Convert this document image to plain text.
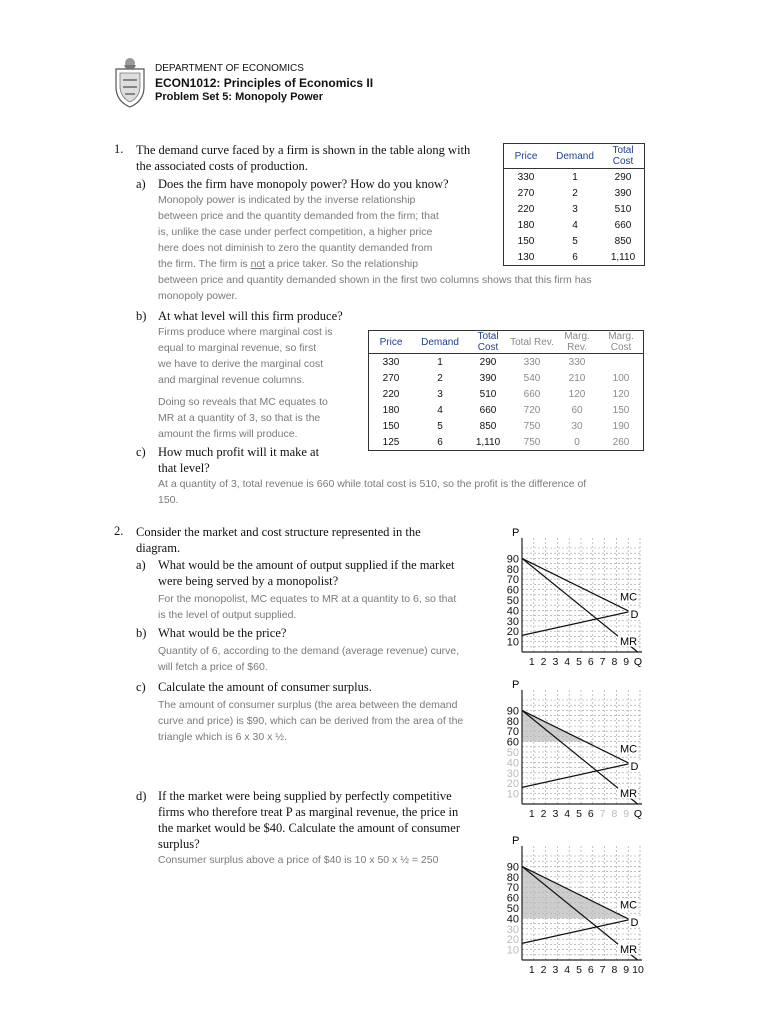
DEPARTMENT OF ECONOMICS
ECON1012: Principles of Economics II
Problem Set 5: Monopoly Power
1. The demand curve faced by a firm is shown in the table along with the associated costs of production.
a) Does the firm have monopoly power? How do you know?
Monopoly power is indicated by the inverse relationship
between price and the quantity demanded from the firm; that
is, unlike the case under perfect competition, a higher price
here does not diminish to zero the quantity demanded from
the firm. The firm is not a price taker. So the relationship
between price and quantity demanded shown in the first two columns shows that this firm has
monopoly power.
Price	Demand	Total Cost
330	1	290
270	2	390
220	3	510
180	4	660
150	5	850
130	6	1,110
b) At what level will this firm produce?
Firms produce where marginal cost is
equal to marginal revenue, so first
we have to derive the marginal cost
and marginal revenue columns.
Doing so reveals that MC equates to
MR at a quantity of 3, so that is the
amount the firms will produce.
Price	Demand	Total Cost	Total Rev.	Marg. Rev.	Marg. Cost
330	1	290	330	330	
270	2	390	540	210	100
220	3	510	660	120	120
180	4	660	720	60	150
150	5	850	750	30	190
125	6	1,110	750	0	260
c) How much profit will it make at
that level?
At a quantity of 3, total revenue is 660 while total cost is 510, so the profit is the difference of
150.
2. Consider the market and cost structure represented in the
diagram.
a) What would be the amount of output supplied if the market
were being served by a monopolist?
For the monopolist, MC equates to MR at a quantity to 6, so that
is the level of output supplied.
b) What would be the price?
Quantity of 6, according to the demand (average revenue) curve,
will fetch a price of $60.
c) Calculate the amount of consumer surplus.
The amount of consumer surplus (the area between the demand
curve and price) is $90, which can be derived from the area of the
triangle which is 6 x 30 x ½.
d) If the market were being supplied by perfectly competitive
firms who therefore treat P as marginal revenue, the price in
the market would be $40. Calculate the amount of consumer
surplus?
Consumer surplus above a price of $40 is 10 x 50 x ½ = 250
P
90
80
70
60
50
40
30
20
10
1 2 3 4 5 6 7 8 9 Q
MC
D
MR
P
90
80
70
60
50
40
30
20
10
1 2 3 4 5 6 7 8 9 Q
MC
D
MR
P
90
80
70
60
50
40
30
20
10
1 2 3 4 5 6 7 8 9 10
MC
D
MR
